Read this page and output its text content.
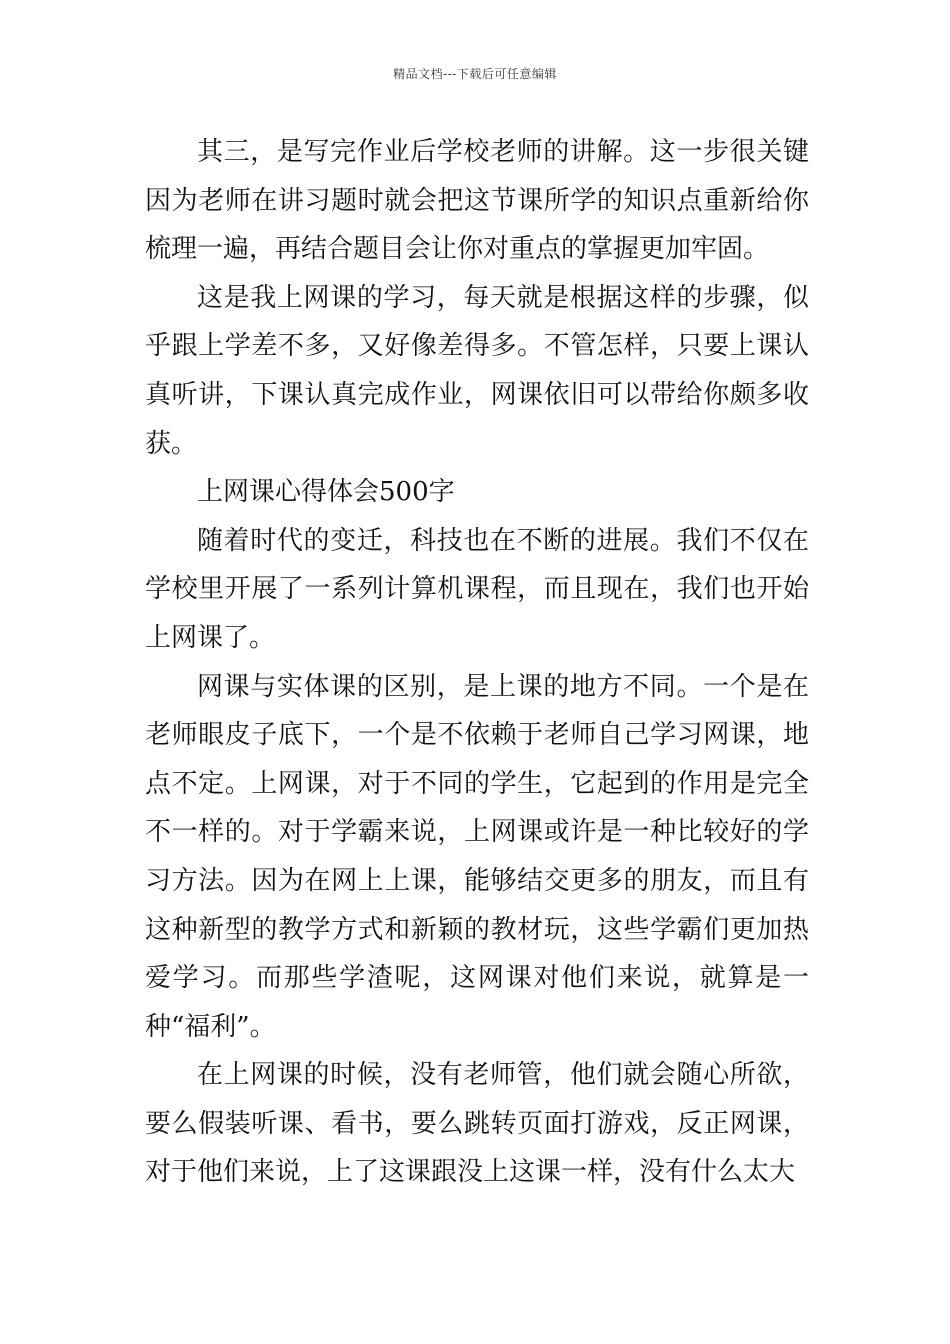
精品文档---下载后可任意编辑

其三，是写完作业后学校老师的讲解。这一步很关键因为老师在讲习题时就会把这节课所学的知识点重新给你梳理一遍，再结合题目会让你对重点的掌握更加牢固。

这是我上网课的学习，每天就是根据这样的步骤，似乎跟上学差不多，又好像差得多。不管怎样，只要上课认真听讲，下课认真完成作业，网课依旧可以带给你颇多收获。

上网课心得体会500字

随着时代的变迁，科技也在不断的进展。我们不仅在学校里开展了一系列计算机课程，而且现在，我们也开始上网课了。

网课与实体课的区别，是上课的地方不同。一个是在老师眼皮子底下，一个是不依赖于老师自己学习网课，地点不定。上网课，对于不同的学生，它起到的作用是完全不一样的。对于学霸来说，上网课或许是一种比较好的学习方法。因为在网上上课，能够结交更多的朋友，而且有这种新型的教学方式和新颖的教材玩，这些学霸们更加热爱学习。而那些学渣呢，这网课对他们来说，就算是一种“福利”。

在上网课的时候，没有老师管，他们就会随心所欲，要么假装听课、看书，要么跳转页面打游戏，反正网课，对于他们来说，上了这课跟没上这课一样，没有什么太大
